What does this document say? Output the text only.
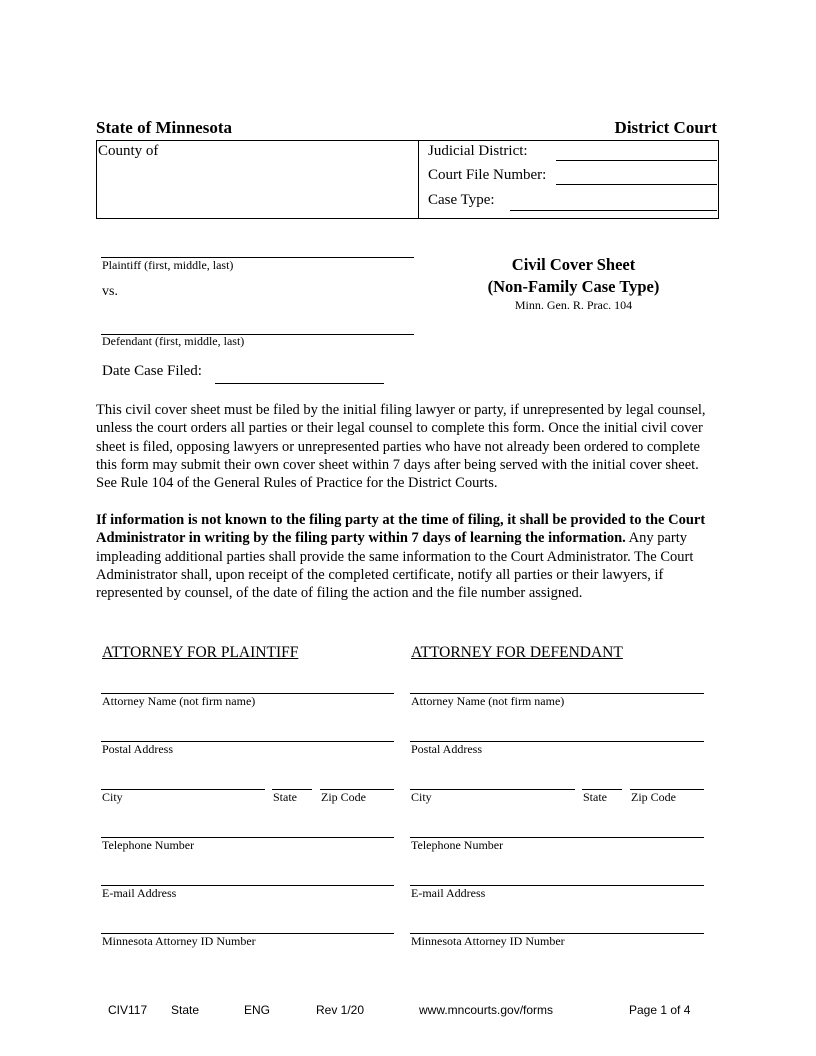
State of Minnesota	District Court
County of	Judicial District:
Court File Number:
Case Type:
Plaintiff (first, middle, last)
vs.
Defendant (first, middle, last)
Date Case Filed:
Civil Cover Sheet
(Non-Family Case Type)
Minn. Gen. R. Prac. 104
This civil cover sheet must be filed by the initial filing lawyer or party, if unrepresented by legal counsel, unless the court orders all parties or their legal counsel to complete this form. Once the initial civil cover sheet is filed, opposing lawyers or unrepresented parties who have not already been ordered to complete this form may submit their own cover sheet within 7 days after being served with the initial cover sheet. See Rule 104 of the General Rules of Practice for the District Courts.
If information is not known to the filing party at the time of filing, it shall be provided to the Court Administrator in writing by the filing party within 7 days of learning the information. Any party impleading additional parties shall provide the same information to the Court Administrator. The Court Administrator shall, upon receipt of the completed certificate, notify all parties or their lawyers, if represented by counsel, of the date of filing the action and the file number assigned.
ATTORNEY FOR PLAINTIFF
Attorney Name (not firm name)
Postal Address
City	State Zip Code
Telephone Number
E-mail Address
Minnesota Attorney ID Number
ATTORNEY FOR DEFENDANT
Attorney Name (not firm name)
Postal Address
City	State Zip Code
Telephone Number
E-mail Address
Minnesota Attorney ID Number
CIV117 State	ENG	Rev 1/20	www.mncourts.gov/forms	Page 1 of 4
